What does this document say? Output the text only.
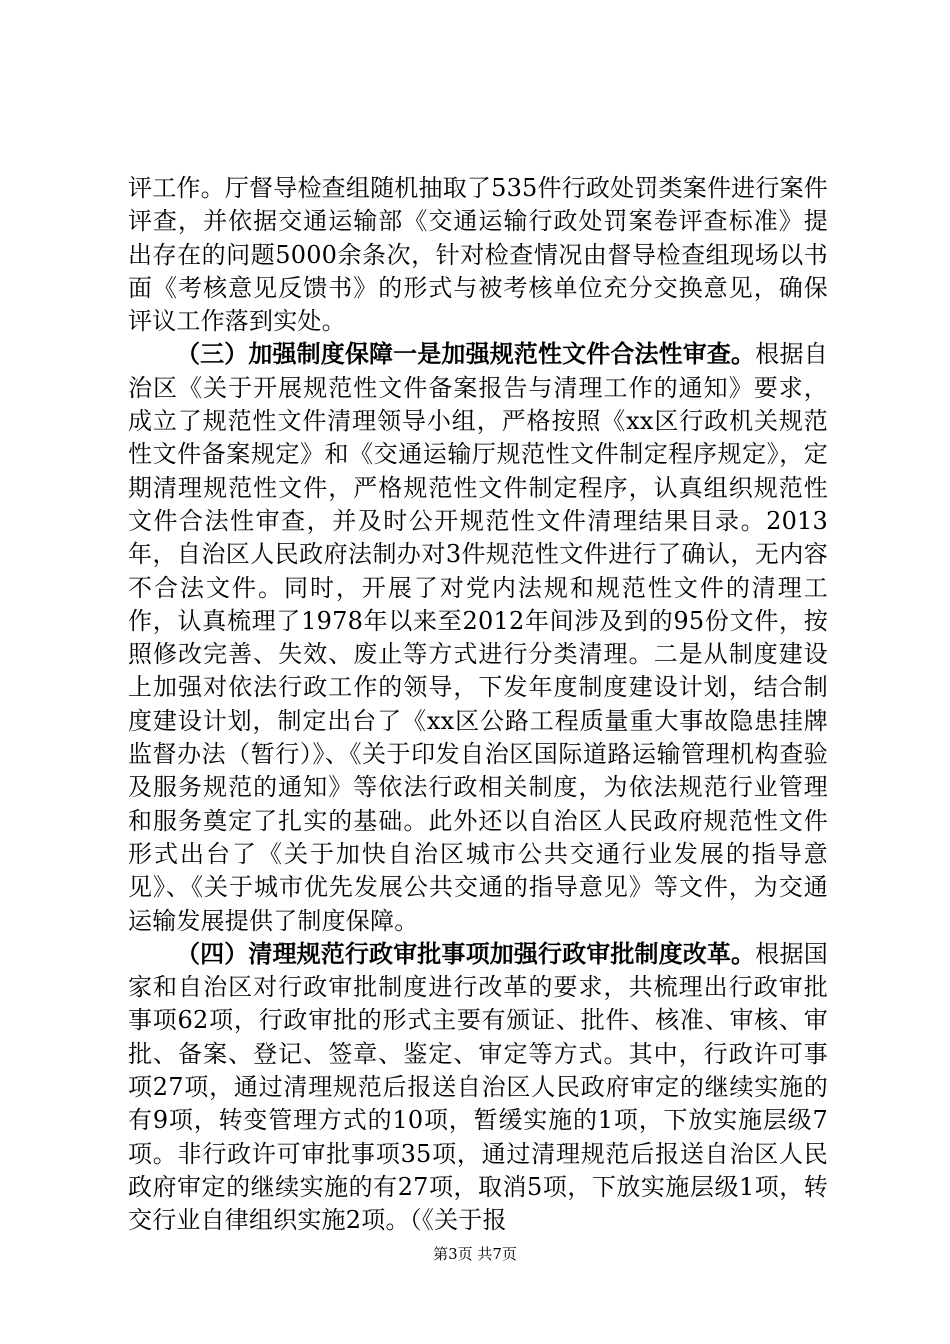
评工作。厅督导检查组随机抽取了535件行政处罚类案件进行案件评查，并依据交通运输部《交通运输行政处罚案卷评查标准》提出存在的问题5000余条次，针对检查情况由督导检查组现场以书面《考核意见反馈书》的形式与被考核单位充分交换意见，确保评议工作落到实处。

（三）加强制度保障一是加强规范性文件合法性审查。根据自治区《关于开展规范性文件备案报告与清理工作的通知》要求，成立了规范性文件清理领导小组，严格按照《xx区行政机关规范性文件备案规定》和《交通运输厅规范性文件制定程序规定》，定期清理规范性文件，严格规范性文件制定程序，认真组织规范性文件合法性审查，并及时公开规范性文件清理结果目录。2013年，自治区人民政府法制办对3件规范性文件进行了确认，无内容不合法文件。同时，开展了对党内法规和规范性文件的清理工作，认真梳理了1978年以来至2012年间涉及到的95份文件，按照修改完善、失效、废止等方式进行分类清理。二是从制度建设上加强对依法行政工作的领导，下发年度制度建设计划，结合制度建设计划，制定出台了《xx区公路工程质量重大事故隐患挂牌监督办法（暂行）》、《关于印发自治区国际道路运输管理机构查验及服务规范的通知》等依法行政相关制度，为依法规范行业管理和服务奠定了扎实的基础。此外还以自治区人民政府规范性文件形式出台了《关于加快自治区城市公共交通行业发展的指导意见》、《关于城市优先发展公共交通的指导意见》等文件，为交通运输发展提供了制度保障。

（四）清理规范行政审批事项加强行政审批制度改革。根据国家和自治区对行政审批制度进行改革的要求，共梳理出行政审批事项62项，行政审批的形式主要有颁证、批件、核准、审核、审批、备案、登记、签章、鉴定、审定等方式。其中，行政许可事项27项，通过清理规范后报送自治区人民政府审定的继续实施的有9项，转变管理方式的10项，暂缓实施的1项，下放实施层级7项。非行政许可审批事项35项，通过清理规范后报送自治区人民政府审定的继续实施的有27项，取消5项，下放实施层级1项，转交行业自律组织实施2项。（《关于报

第3页 共7页
